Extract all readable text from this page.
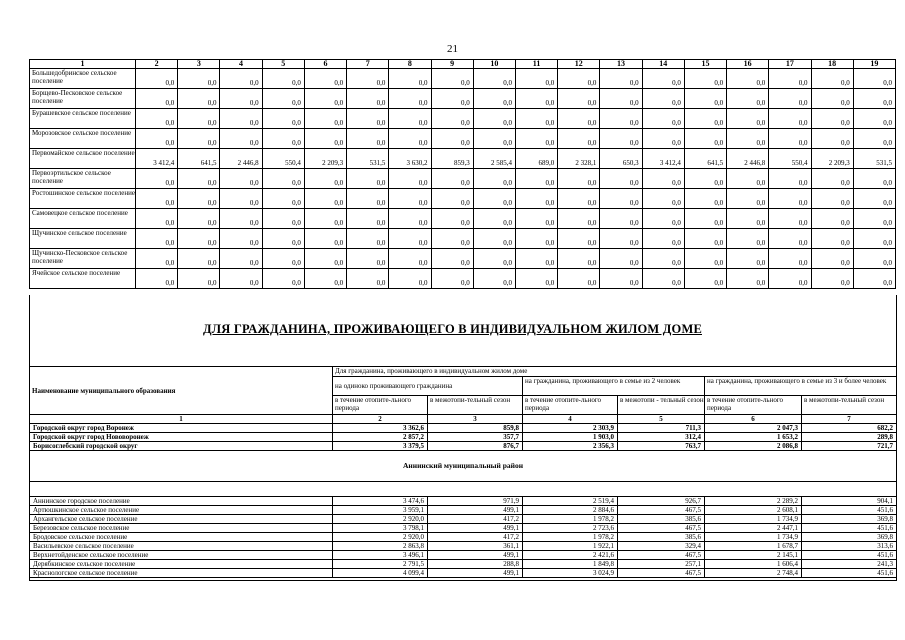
21
1	2	3	4	5	6	7	8	9	10	11	12	13	14	15	16	17	18	19
Большедобринское сельское поселение	0,0	0,0	0,0	0,0	0,0	0,0	0,0	0,0	0,0	0,0	0,0	0,0	0,0	0,0	0,0	0,0	0,0	0,0
Борщево-Песковское сельское поселение	0,0	0,0	0,0	0,0	0,0	0,0	0,0	0,0	0,0	0,0	0,0	0,0	0,0	0,0	0,0	0,0	0,0	0,0
Бурашевское сельское поселение	0,0	0,0	0,0	0,0	0,0	0,0	0,0	0,0	0,0	0,0	0,0	0,0	0,0	0,0	0,0	0,0	0,0	0,0
Морозовское сельское поселение	0,0	0,0	0,0	0,0	0,0	0,0	0,0	0,0	0,0	0,0	0,0	0,0	0,0	0,0	0,0	0,0	0,0	0,0
Первомайское сельское поселение	3 412,4	641,5	2 446,8	550,4	2 209,3	531,5	3 630,2	859,3	2 585,4	689,0	2 328,1	650,3	3 412,4	641,5	2 446,8	550,4	2 209,3	531,5
Первоэртильское сельское поселение	0,0	0,0	0,0	0,0	0,0	0,0	0,0	0,0	0,0	0,0	0,0	0,0	0,0	0,0	0,0	0,0	0,0	0,0
Ростошинское сельское поселение	0,0	0,0	0,0	0,0	0,0	0,0	0,0	0,0	0,0	0,0	0,0	0,0	0,0	0,0	0,0	0,0	0,0	0,0
Самовецкое сельское поселение	0,0	0,0	0,0	0,0	0,0	0,0	0,0	0,0	0,0	0,0	0,0	0,0	0,0	0,0	0,0	0,0	0,0	0,0
Щучинское сельское поселение	0,0	0,0	0,0	0,0	0,0	0,0	0,0	0,0	0,0	0,0	0,0	0,0	0,0	0,0	0,0	0,0	0,0	0,0
Щучинско-Песковское сельское поселение	0,0	0,0	0,0	0,0	0,0	0,0	0,0	0,0	0,0	0,0	0,0	0,0	0,0	0,0	0,0	0,0	0,0	0,0
Ячейское сельское поселение	0,0	0,0	0,0	0,0	0,0	0,0	0,0	0,0	0,0	0,0	0,0	0,0	0,0	0,0	0,0	0,0	0,0	0,0
ДЛЯ ГРАЖДАНИНА, ПРОЖИВАЮЩЕГО В ИНДИВИДУАЛЬНОМ ЖИЛОМ ДОМЕ
Наименование муниципального образования	Для гражданина, проживающего в индивидуальном жилом доме					
	на одиноко проживающего гражданина		на гражданина, проживающего в семье из 2 человек		на гражданина, проживающего в семье из 3 и более человек	
	в течение отопите-льного периода	в межотопи-тельный сезон	в течение отопите-льного периода	в межотопи - тельный сезон	в течение отопите-льного периода	в межотопи-тельный сезон
1	2	3	4	5	6	7
Городской округ город Воронеж	3 362,6	859,8	2 303,9	711,3	2 047,3	682,2
Городской округ город Нововоронеж	2 857,2	357,7	1 903,0	312,4	1 653,2	289,8
Борисоглебский городской округ	3 379,5	876,7	2 356,3	763,7	2 086,8	721,7
Аннинский муниципальный район						

Аннинское городское поселение	3 474,6	971,9	2 519,4	926,7	2 289,2	904,1
Артюшкинское сельское поселение	3 959,1	499,1	2 884,6	467,5	2 608,1	451,6
Архангельское сельское поселение	2 920,0	417,2	1 978,2	385,6	1 734,9	369,8
Березовское сельское поселение	3 798,1	499,1	2 723,6	467,5	2 447,1	451,6
Бродовское сельское поселение	2 920,0	417,2	1 978,2	385,6	1 734,9	369,8
Васильевское сельское поселение	2 863,8	361,1	1 922,1	329,4	1 678,7	313,6
Верхнетойденское сельское поселение	3 496,1	499,1	2 421,6	467,5	2 145,1	451,6
Дерябкинское сельское поселение	2 791,5	288,8	1 849,8	257,1	1 606,4	241,3
Краснологское сельское поселение	4 099,4	499,1	3 024,9	467,5	2 748,4	451,6
